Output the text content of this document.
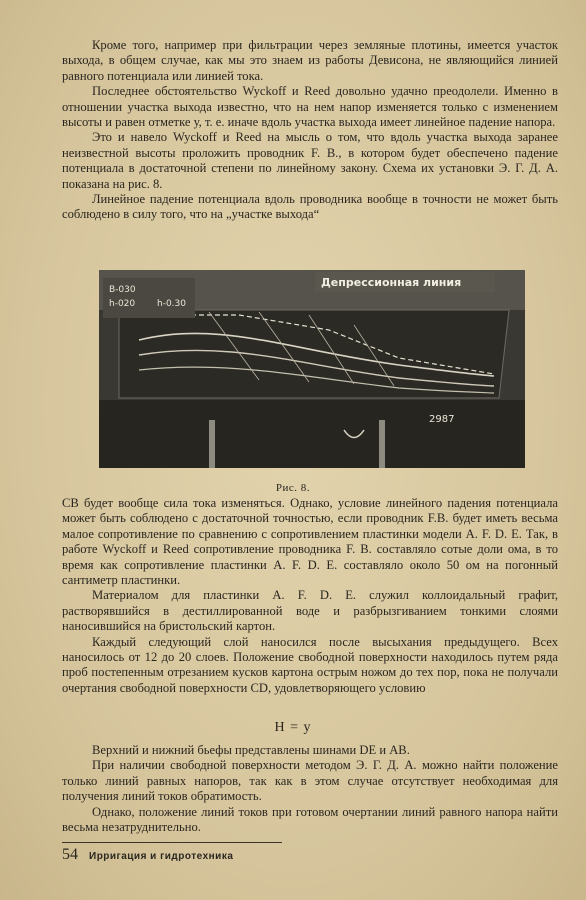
Кроме того, например при фильтрации через земляные плотины, имеется участок выхода, в общем случае, как мы это знаем из работы Девисона, не являющийся линией равного потенциала или линией тока.

Последнее обстоятельство Wyckoff и Reed довольно удачно преодолели. Именно в отношении участка выхода известно, что на нем напор изменяется только с изменением высоты и равен отметке у, т. е. иначе вдоль участка выхода имеет линейное падение напора.

Это и навело Wyckoff и Reed на мысль о том, что вдоль участка выхода заранее неизвестной высоты проложить проводник F. B., в котором будет обеспечено падение потенциала в достаточной степени по линейному закону. Схема их установки Э. Г. Д. А. показана на рис. 8.

Линейное падение потенциала вдоль проводника вообще в точности не может быть соблюдено в силу того, что на „участке выхода“

B-030
h-020 h-0.30
Депрессионная линия
2987
Рис. 8.

CB будет вообще сила тока изменяться. Однако, условие линейного падения потенциала может быть соблюдено с достаточной точностью, если проводник F.B. будет иметь весьма малое сопротивление по сравнению с сопротивлением пластинки модели A. F. D. E. Так, в работе Wyckoff и Reed сопротивление проводника F. B. составляло сотые доли ома, в то время как сопротивление пластинки A. F. D. E. составляло около 50 ом на погонный сантиметр пластинки.

Материалом для пластинки A. F. D. E. служил коллоидальный графит, растворявшийся в дестиллированной воде и разбрызгиванием тонкими слоями наносившийся на бристольский картон.

Каждый следующий слой наносился после высыхания предыдущего. Всех наносилось от 12 до 20 слоев. Положение свободной поверхности находилось путем ряда проб постепенным отрезанием кусков картона острым ножом до тех пор, пока не получали очертания свободной поверхности CD, удовлетворяющего условию

H = y

Верхний и нижний бьефы представлены шинами DE и AB.

При наличии свободной поверхности методом Э. Г. Д. А. можно найти положение только линий равных напоров, так как в этом случае отсутствует необходимая для получения линий токов обратимость.

Однако, положение линий токов при готовом очертании линий равного напора найти весьма незатруднительно.

54 Ирригация и гидротехника
